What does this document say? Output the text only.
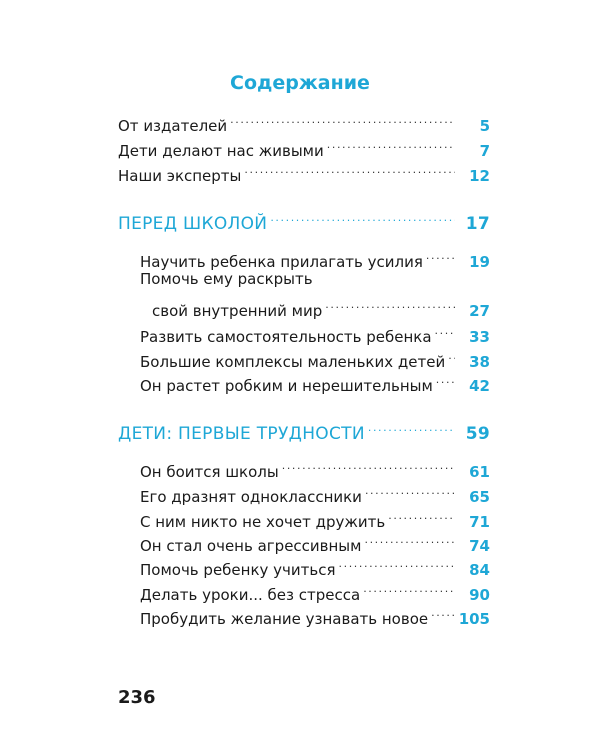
Содержание
От издателей .....	5
Дети делают нас живыми .....	7
Наши эксперты .....	12
ПЕРЕД ШКОЛОЙ .....	17
Научить ребенка прилагать усилия .....	19
Помочь ему раскрыть
свой внутренний мир .....	27
Развить самостоятельность ребенка .....	33
Большие комплексы маленьких детей .....	38
Он растет робким и нерешительным .....	42
ДЕТИ: ПЕРВЫЕ ТРУДНОСТИ .....	59
Он боится школы .....	61
Его дразнят одноклассники .....	65
С ним никто не хочет дружить .....	71
Он стал очень агрессивным .....	74
Помочь ребенку учиться .....	84
Делать уроки... без стресса .....	90
Пробудить желание узнавать новое ..... 105
236
